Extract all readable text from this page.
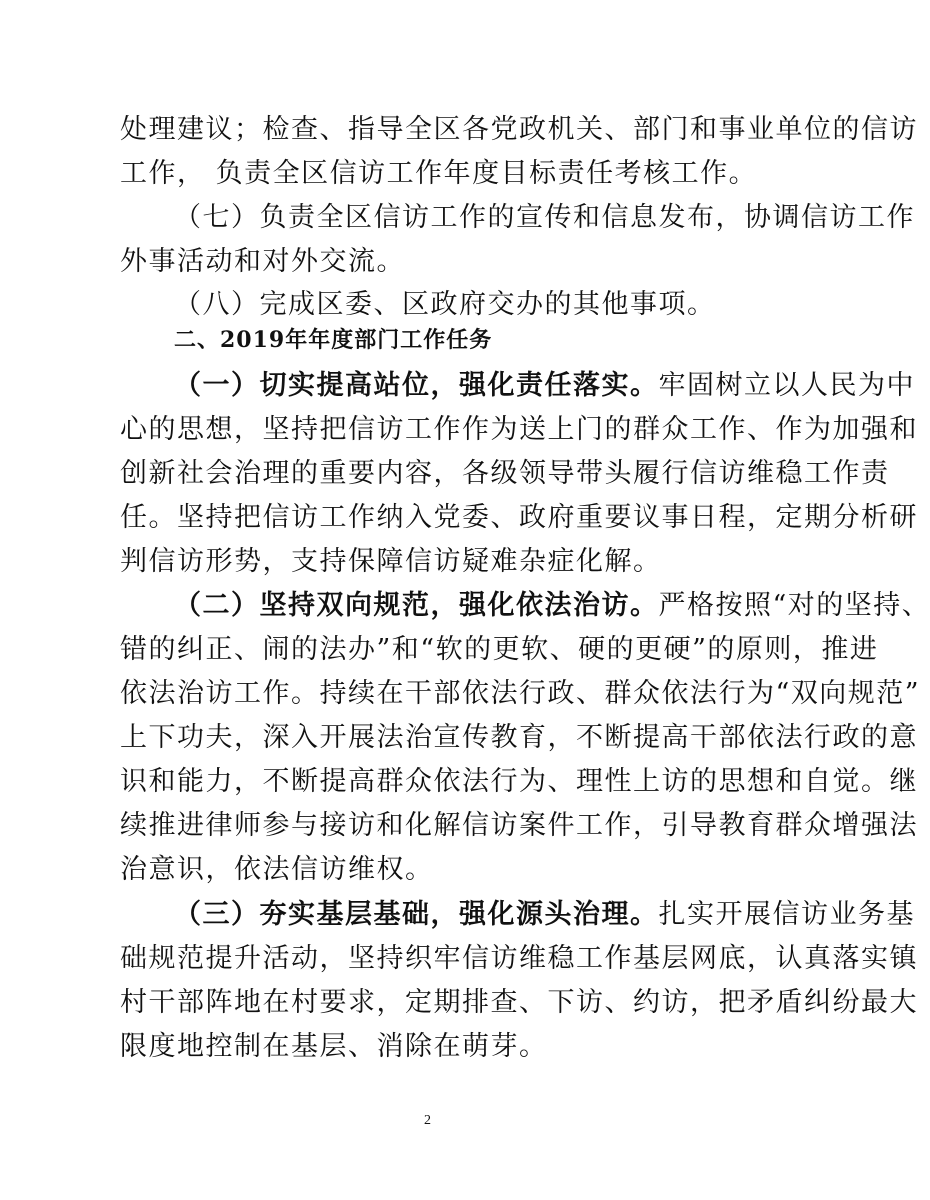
处理建议；检查、指导全区各党政机关、部门和事业单位的信访
工作， 负责全区信访工作年度目标责任考核工作。
（七）负责全区信访工作的宣传和信息发布，协调信访工作
外事活动和对外交流。
（八）完成区委、区政府交办的其他事项。
二、2019年年度部门工作任务
（一）切实提高站位，强化责任落实。牢固树立以人民为中
心的思想，坚持把信访工作作为送上门的群众工作、作为加强和
创新社会治理的重要内容，各级领导带头履行信访维稳工作责
任。坚持把信访工作纳入党委、政府重要议事日程，定期分析研
判信访形势，支持保障信访疑难杂症化解。
（二）坚持双向规范，强化依法治访。严格按照“对的坚持、
错的纠正、闹的法办”和“软的更软、硬的更硬”的原则，推进
依法治访工作。持续在干部依法行政、群众依法行为“双向规范”
上下功夫，深入开展法治宣传教育，不断提高干部依法行政的意
识和能力，不断提高群众依法行为、理性上访的思想和自觉。继
续推进律师参与接访和化解信访案件工作，引导教育群众增强法
治意识，依法信访维权。
（三）夯实基层基础，强化源头治理。扎实开展信访业务基
础规范提升活动，坚持织牢信访维稳工作基层网底，认真落实镇
村干部阵地在村要求，定期排查、下访、约访，把矛盾纠纷最大
限度地控制在基层、消除在萌芽。
2
